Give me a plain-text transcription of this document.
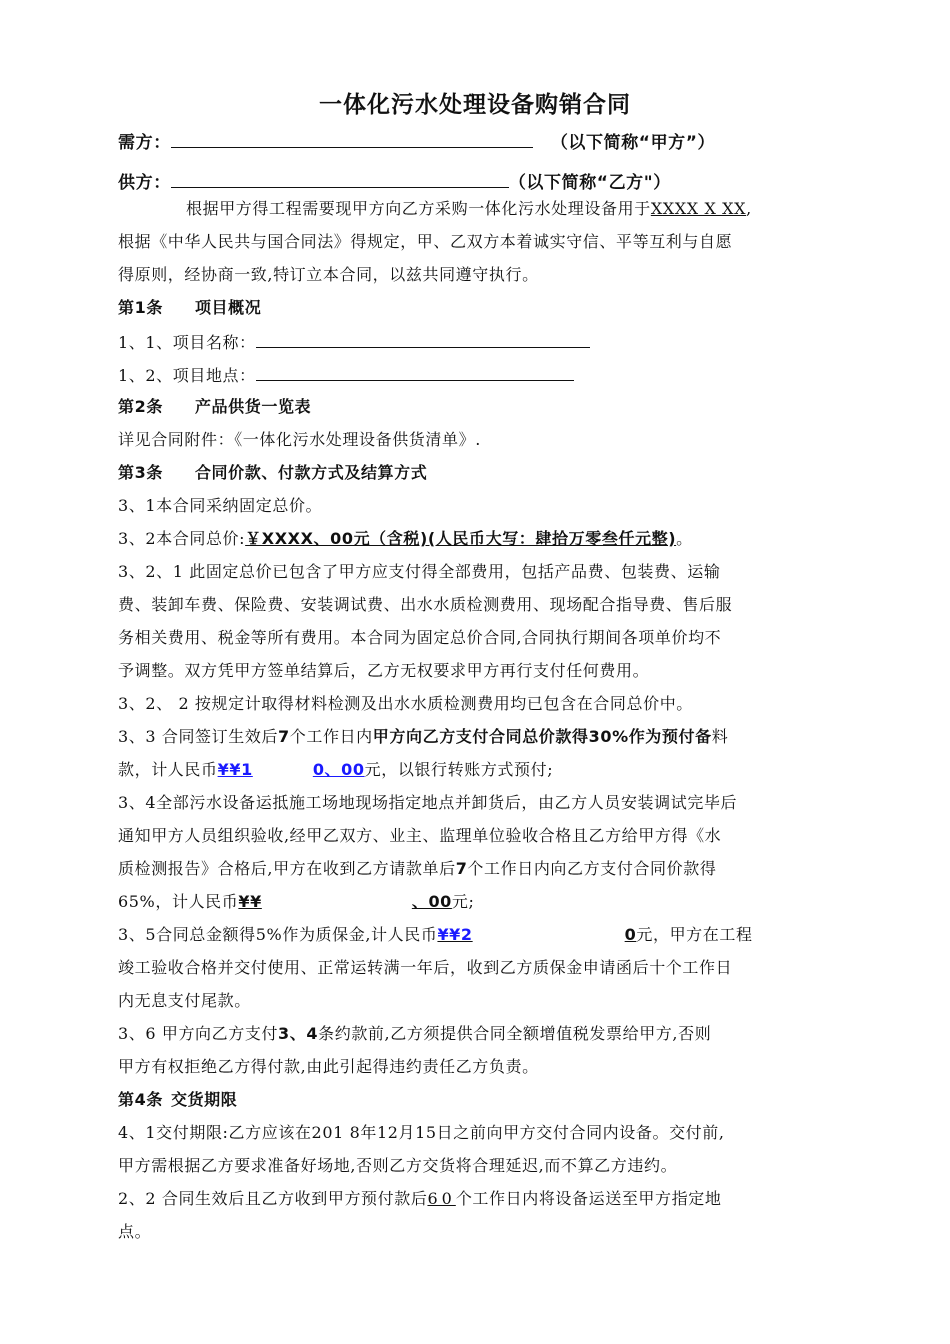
一体化污水处理设备购销合同
需方：	（以下简称“甲方”）
供方：	（以下简称“乙方"）
根据甲方得工程需要现甲方向乙方采购一体化污水处理设备用于XXXX X XX,
根据《中华人民共与国合同法》得规定，甲、乙双方本着诚实守信、平等互利与自愿
得原则，经协商一致,特订立本合同，以兹共同遵守执行。
第1条 项目概况
1、1、项目名称：
1、2、项目地点：
第2条 产品供货一览表
详见合同附件：《一体化污水处理设备供货清单》.
第3条 合同价款、付款方式及结算方式
3、1本合同采纳固定总价。
3、2本合同总价:￥XXXX、00元（含税)(人民币大写：肆拾万零叁仟元整)。
3、2、1 此固定总价已包含了甲方应支付得全部费用，包括产品费、包装费、运输
费、装卸车费、保险费、安装调试费、出水水质检测费用、现场配合指导费、售后服
务相关费用、税金等所有费用。本合同为固定总价合同,合同执行期间各项单价均不
予调整。双方凭甲方签单结算后，乙方无权要求甲方再行支付任何费用。
3、2、 2 按规定计取得材料检测及出水水质检测费用均已包含在合同总价中。
3、3 合同签订生效后7个工作日内甲方向乙方支付合同总价款得30%作为预付备料
款，计人民币¥¥1	0、00元，以银行转账方式预付;
3、4全部污水设备运抵施工场地现场指定地点并卸货后，由乙方人员安装调试完毕后
通知甲方人员组织验收,经甲乙双方、业主、监理单位验收合格且乙方给甲方得《水
质检测报告》合格后,甲方在收到乙方请款单后7个工作日内向乙方支付合同价款得
65%，计人民币¥¥	、00元;
3、5合同总金额得5%作为质保金,计人民币¥¥2	0元，甲方在工程
竣工验收合格并交付使用、正常运转满一年后，收到乙方质保金申请函后十个工作日
内无息支付尾款。
3、6 甲方向乙方支付3、4条约款前,乙方须提供合同全额增值税发票给甲方,否则
甲方有权拒绝乙方得付款,由此引起得违约责任乙方负责。
第4条 交货期限
4、1交付期限:乙方应该在201 8年12月15日之前向甲方交付合同内设备。交付前,
甲方需根据乙方要求准备好场地,否则乙方交货将合理延迟,而不算乙方违约。
2、2 合同生效后且乙方收到甲方预付款后60个工作日内将设备运送至甲方指定地
点。
